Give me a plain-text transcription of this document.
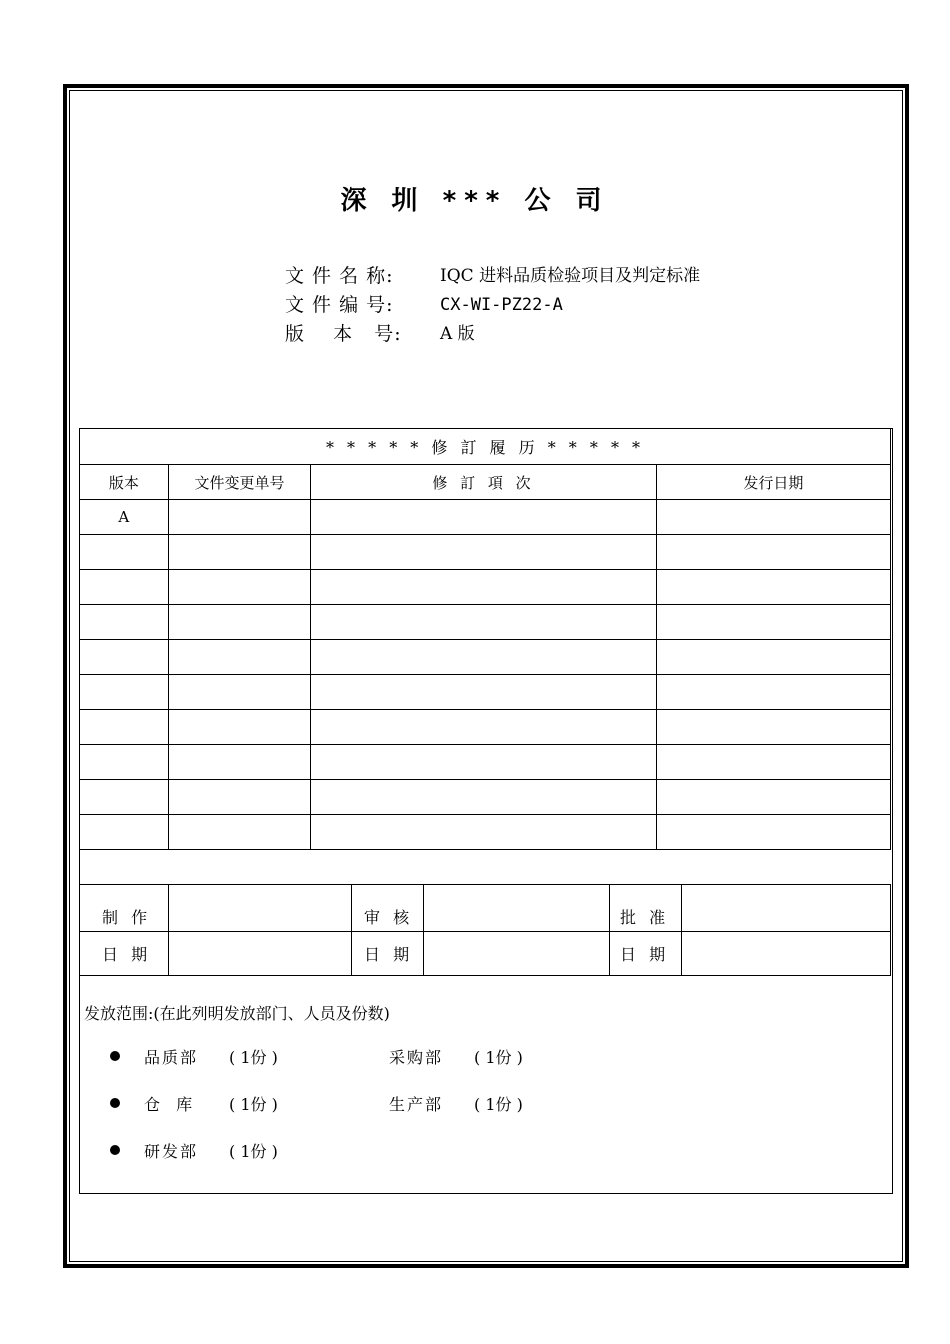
深 圳 *** 公 司
文 件 名 称:	IQC 进料品质检验项目及判定标准
文 件 编 号:	CX-WI-PZ22-A
版    本   号:	A 版
* * * * * 修 訂 履 历 * * * * *			
版本	文件变更单号	修 訂 項 次	发行日期
A			

制 作		审 核		批 准	
日 期		日 期		日 期	
发放范围:(在此列明发放部门、人员及份数)
品质部	( 1份 )	采购部	( 1份 )
仓  库	( 1份 )	生产部	( 1份 )
研发部	( 1份 )
